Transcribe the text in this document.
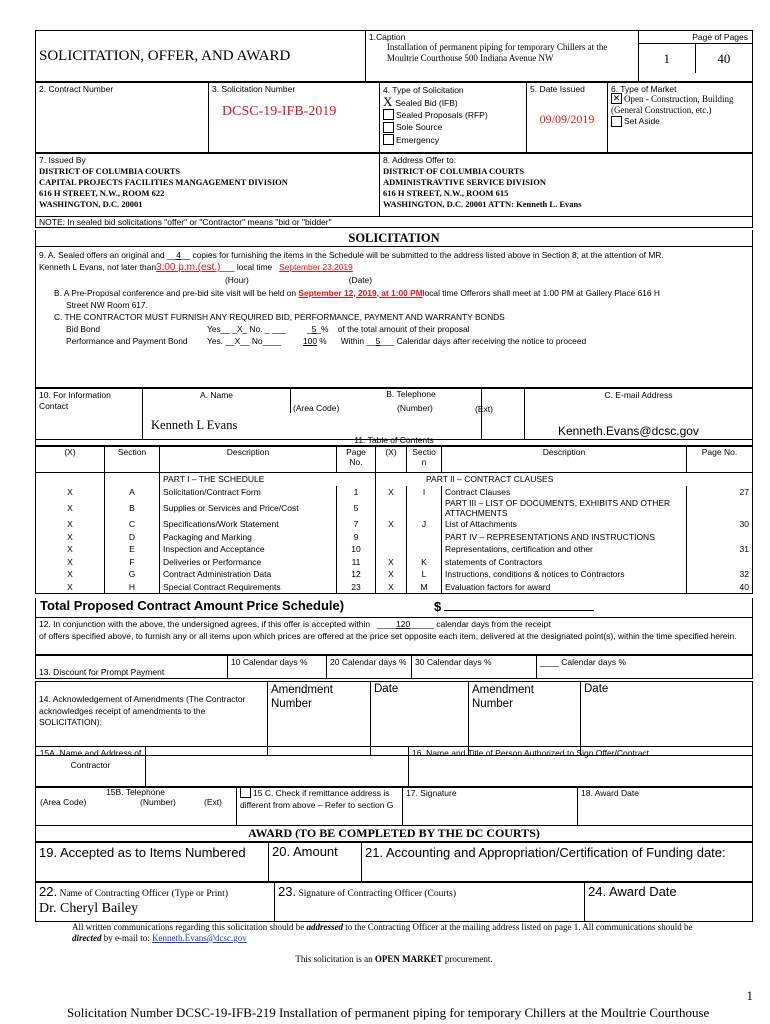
SOLICITATION, OFFER, AND AWARD	
1.Caption
Installation of permanent piping for temporary Chillers at the Moultrie Courthouse 500 Indiana Avenue NW

Page of Pages
1	40
2. Contract Number	3. Solicitation Number
DCSC-19-IFB-2019

4. Type of Solicitation
X Sealed Bid (IFB)
Sealed Proposals (RFP)
Sole Source
Emergency

5. Date Issued
09/09/2019

6. Type of Market
✕ Open - Construction, Building (General Construction, etc.)
Set Aside
7. Issued By
DISTRICT OF COLUMBIA COURTS
CAPITAL PROJECTS FACILITIES MANGAGEMENT DIVISION
616 H STREET, N.W., ROOM 622
WASHINGTON, D.C. 20001

8. Address Offer to:
DISTRICT OF COLUMBIA COURTS
ADMINISTRAVTIVE SERVICE DIVISION
616 H STREET, N.W., ROOM 615
WASHINGTON, D.C. 20001 ATTN: Kenneth L. Evans

NOTE: In sealed bid solicitations "offer" or "Contractor" means "bid or "bidder"
SOLICITATION
9. A. Sealed offers an original and __4__ copies for furnishing the items in the Schedule will be submitted to the address listed above in Section 8; at the attention of MR.
Kenneth L Evans, not later than3:00 p.m.(est.)___ local time September 23,2019
(Hour)	(Date)
B. A Pre-Proposal conference and pre-bid site visit will be held on September 12, 2019, at 1:00 PMlocal time Offerors shall meet at 1:00 PM at Gallery Place 616 H
Street NW Room 617.
C. THE CONTRACTOR MUST FURNISH ANY REQUIRED BID, PERFORMANCE, PAYMENT AND WARRANTY BONDS
Bid Bond	Yes__ _X_ No. _ ___	_5_%    of the total amount of their proposal
Performance and Payment Bond Yes. __X__ No____	100 %      Within __5___ Calendar days after receiving the notice to proceed
10. For Information
Contact	A. Name	B. Telephone		C. E-mail Address

	(Area Code) (Number)
Kenneth L Evans		(Ext)	Kenneth.Evans@dcsc.gov
11. Table of Contents
(X)	Section	Description	Page No.	(X)	Sectio n	Description	Page No.
		PART I – THE SCHEDULE		PART II – CONTRACT CLAUSES			
X	A	Solicitation/Contract Form	1	X	I	Contract Clauses	27
X	B	Supplies or Services and Price/Cost	5			PART III – LIST OF DOCUMENTS, EXHIBITS AND OTHER ATTACHMENTS	
X	C	Specifications/Work Statement	7	X	J	List of Attachments	30
X	D	Packaging and Marking	9			PART IV – REPRESENTATIONS AND INSTRUCTIONS	
X	E	Inspection and Acceptance	10			Representations, certification and other	31
X	F	Deliveries or Performance	11	X	K	statements of Contractors	
X	G	Contract Administration Data	12	X	L	Instructions, conditions & notices to Contractors	32
X	H	Special Contract Requirements	23	X	M	Evaluation factors for award	40
Total Proposed Contract Amount Price Schedule)	$
12. In conjunction with the above, the undersigned agrees, if this offer is accepted within   ____120_____ calendar days from the receipt
of offers specified above, to furnish any or all items upon which prices are offered at the price set opposite each item, delivered at the designated point(s), within the time specified herein.
13. Discount for Prompt Payment	10 Calendar days %	20 Calendar days %	30 Calendar days %	____ Calendar days %
14. Acknowledgement of Amendments (The Contractor acknowledges receipt of amendments to the SOLICITATION):	Amendment Number	Date	Amendment Number	Date
15A. Name and Address of Contractor		16. Name and Title of Person Authorized to Sign Offer/Contract
15B. Telephone
(Area Code)	(Number)	(Ext)
	15 C. Check if remittance address is different from above – Refer to section G	17. Signature	18. Award Date
AWARD (TO BE COMPLETED BY THE DC COURTS)
19. Accepted as to Items Numbered	20. Amount	21. Accounting and Appropriation/Certification of Funding date:
22. Name of Contracting Officer (Type or Print)
Dr. Cheryl Bailey
	23. Signature of Contracting Officer (Courts)	24. Award Date
All written communications regarding this solicitation should be addressed to the Contracting Officer at the mailing address listed on page 1. All communications should be directed by e-mail to: Kenneth.Evans@dcsc.gov
This solicitation is an OPEN MARKET procurement.
1
Solicitation Number DCSC-19-IFB-219 Installation of permanent piping for temporary Chillers at the Moultrie Courthouse
